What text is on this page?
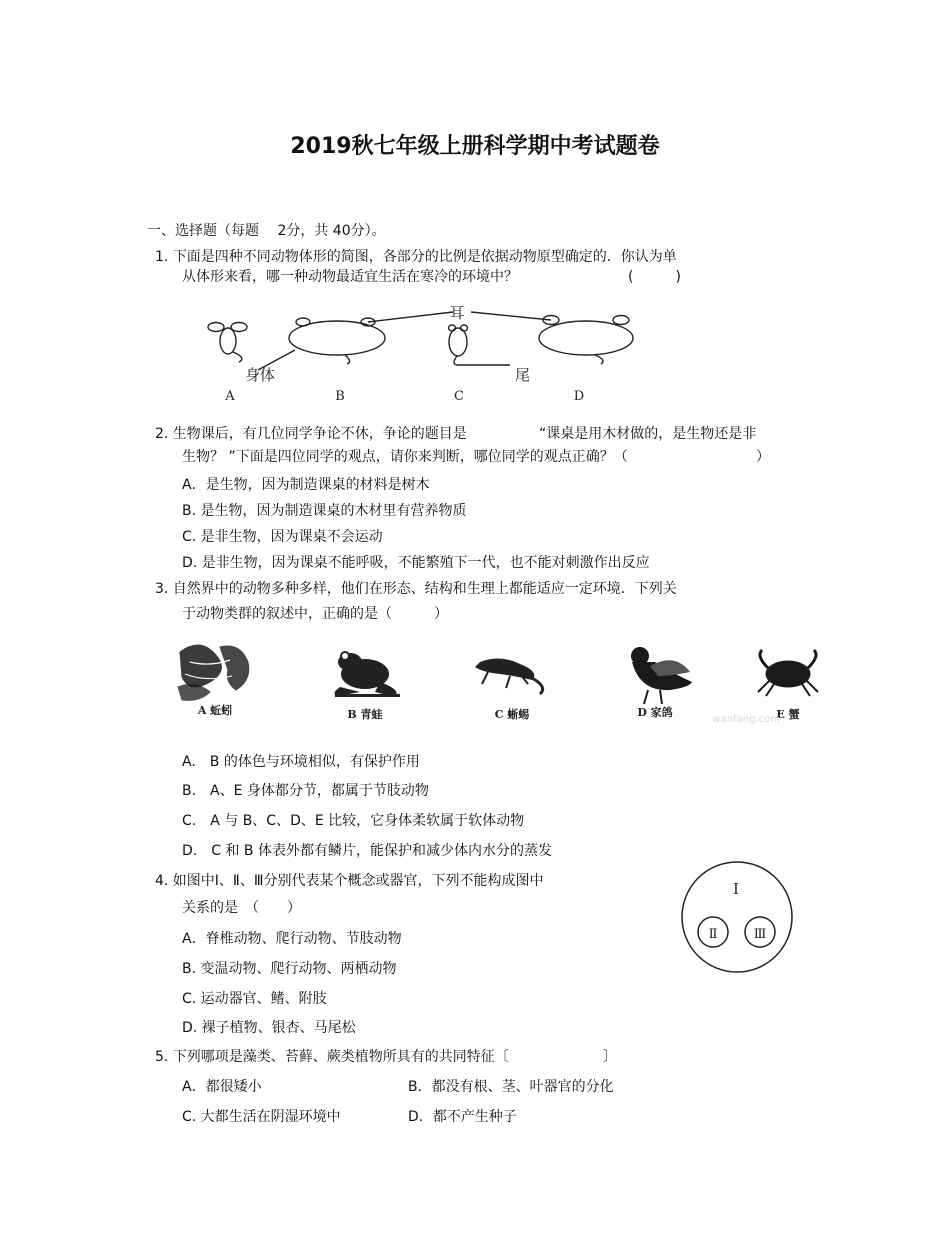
2019秋七年级上册科学期中考试题卷
一、选择题（每题　 2分，共 40分）。
1. 下面是四种不同动物体形的简图，各部分的比例是依据动物原型确定的．你认为单
从体形来看，哪一种动物最适宜生活在寒冷的环境中？	(　　　)
耳
身体	尾
A	B	C	D
2. 生物课后，有几位同学争论不休，争论的题目是	“课桌是用木材做的，是生物还是非
生物？ ”下面是四位同学的观点，请你来判断，哪位同学的观点正确？（	）
A．是生物，因为制造课桌的材料是树木
B. 是生物，因为制造课桌的木材里有营养物质
C. 是非生物，因为课桌不会运动
D. 是非生物，因为课桌不能呼吸，不能繁殖下一代，也不能对刺激作出反应
3. 自然界中的动物多种多样，他们在形态、结构和生理上都能适应一定环境．下列关
于动物类群的叙述中，正确的是（　　　）
A 蚯蚓	B 青蛙	C 蜥蜴	D 家鸽	E 蟹
wanfang.com
A.　B 的体色与环境相似，有保护作用
B.　A、E 身体都分节，都属于节肢动物
C.　A 与 B、C、D、E 比较，它身体柔软属于软体动物
D.　C 和 B 体表外都有鳞片，能保护和减少体内水分的蒸发
4. 如图中Ⅰ、Ⅱ、Ⅲ分别代表某个概念或器官，下列不能构成图中
关系的是　（　　）
A．脊椎动物、爬行动物、节肢动物
B. 变温动物、爬行动物、两栖动物
C. 运动器官、鳍、附肢
D. 裸子植物、银杏、马尾松
Ⅰ
Ⅱ	Ⅲ
5. 下列哪项是藻类、苔藓、蕨类植物所具有的共同特征〔	〕
A．都很矮小	B．都没有根、茎、叶器官的分化
C. 大都生活在阴湿环境中	D．都不产生种子
